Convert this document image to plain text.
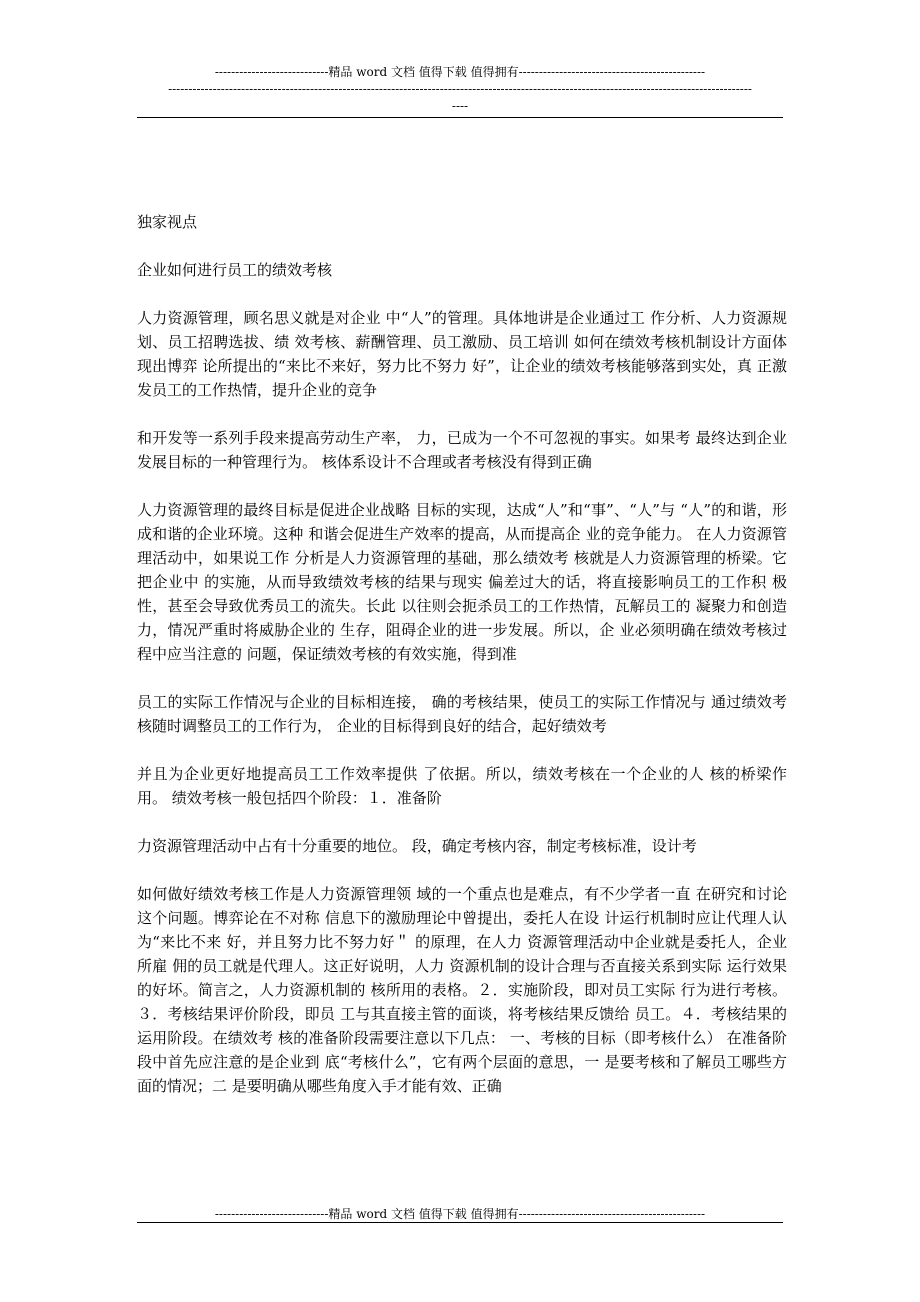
----------------------------精品 word 文档 值得下载 值得拥有----------------------------------------------
------------------------------------------------------------------------------------------------------------------------------------------------
----

独家视点

企业如何进行员工的绩效考核

人力资源管理，顾名思义就是对企业 中“人”的管理。具体地讲是企业通过工 作分析、人力资源规划、员工招聘选拔、绩 效考核、薪酬管理、员工激励、员工培训 如何在绩效考核机制设计方面体现出博弈 论所提出的“来比不来好，努力比不努力 好”，让企业的绩效考核能够落到实处，真 正激发员工的工作热情，提升企业的竞争

和开发等一系列手段来提高劳动生产率， 力，已成为一个不可忽视的事实。如果考 最终达到企业发展目标的一种管理行为。 核体系设计不合理或者考核没有得到正确

人力资源管理的最终目标是促进企业战略 目标的实现，达成“人”和“事”、“人”与 “人”的和谐，形成和谐的企业环境。这种 和谐会促进生产效率的提高，从而提高企 业的竞争能力。 在人力资源管理活动中，如果说工作 分析是人力资源管理的基础，那么绩效考 核就是人力资源管理的桥梁。它把企业中 的实施，从而导致绩效考核的结果与现实 偏差过大的话，将直接影响员工的工作积 极性，甚至会导致优秀员工的流失。长此 以往则会扼杀员工的工作热情，瓦解员工的 凝聚力和创造力，情况严重时将威胁企业的 生存，阻碍企业的进一步发展。所以，企 业必须明确在绩效考核过程中应当注意的 问题，保证绩效考核的有效实施，得到准

员工的实际工作情况与企业的目标相连接， 确的考核结果，使员工的实际工作情况与 通过绩效考核随时调整员工的工作行为， 企业的目标得到良好的结合，起好绩效考

并且为企业更好地提高员工工作效率提供 了依据。所以，绩效考核在一个企业的人 核的桥梁作用。 绩效考核一般包括四个阶段：１．准备阶

力资源管理活动中占有十分重要的地位。 段，确定考核内容，制定考核标准，设计考

如何做好绩效考核工作是人力资源管理领 域的一个重点也是难点，有不少学者一直 在研究和讨论这个问题。博弈论在不对称 信息下的激励理论中曾提出，委托人在设 计运行机制时应让代理人认为“来比不来 好，并且努力比不努力好＂ 的原理，在人力 资源管理活动中企业就是委托人，企业所雇 佣的员工就是代理人。这正好说明，人力 资源机制的设计合理与否直接关系到实际 运行效果的好坏。简言之，人力资源机制的 核所用的表格。２．实施阶段，即对员工实际 行为进行考核。３．考核结果评价阶段，即员 工与其直接主管的面谈，将考核结果反馈给 员工。４．考核结果的运用阶段。在绩效考 核的准备阶段需要注意以下几点： 一、考核的目标（即考核什么） 在准备阶段中首先应注意的是企业到 底“考核什么”，它有两个层面的意思，一 是要考核和了解员工哪些方面的情况；二 是要明确从哪些角度入手才能有效、正确

----------------------------精品 word 文档 值得下载 值得拥有----------------------------------------------
